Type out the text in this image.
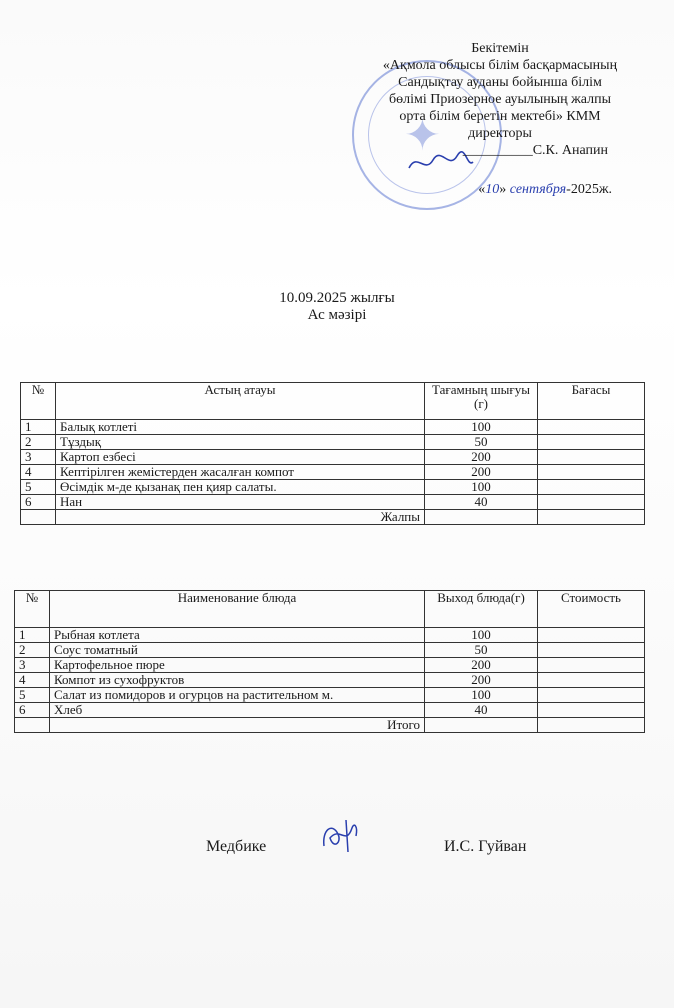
✦
Бекітемін
«Ақмола облысы білім басқармасының
Сандықтау ауданы бойынша білім
бөлімі Приозерное ауылының жалпы
орта білім беретін мектебі» КММ
директоры
__________С.К. Анапин
«10» сентября-2025ж.
10.09.2025 жылғы
Ас мәзірі
№	Астың атауы	Тағамның шығуы (г)	Бағасы
1	Балық котлеті	100	
2	Тұздық	50	
3	Картоп езбесі	200	
4	Кептірілген жемістерден жасалған компот	200	
5	Өсімдік м-де қызанақ пен қияр салаты.	100	
6	Нан	40	
	Жалпы		
№	Наименование блюда	Выход блюда(г)	Стоимость
1	Рыбная котлета	100	
2	Соус томатный	50	
3	Картофельное пюре	200	
4	Компот из сухофруктов	200	
5	Салат из помидоров и огурцов на растительном м.	100	
6	Хлеб	40	
	Итого		
Медбике	И.С. Гуйван
